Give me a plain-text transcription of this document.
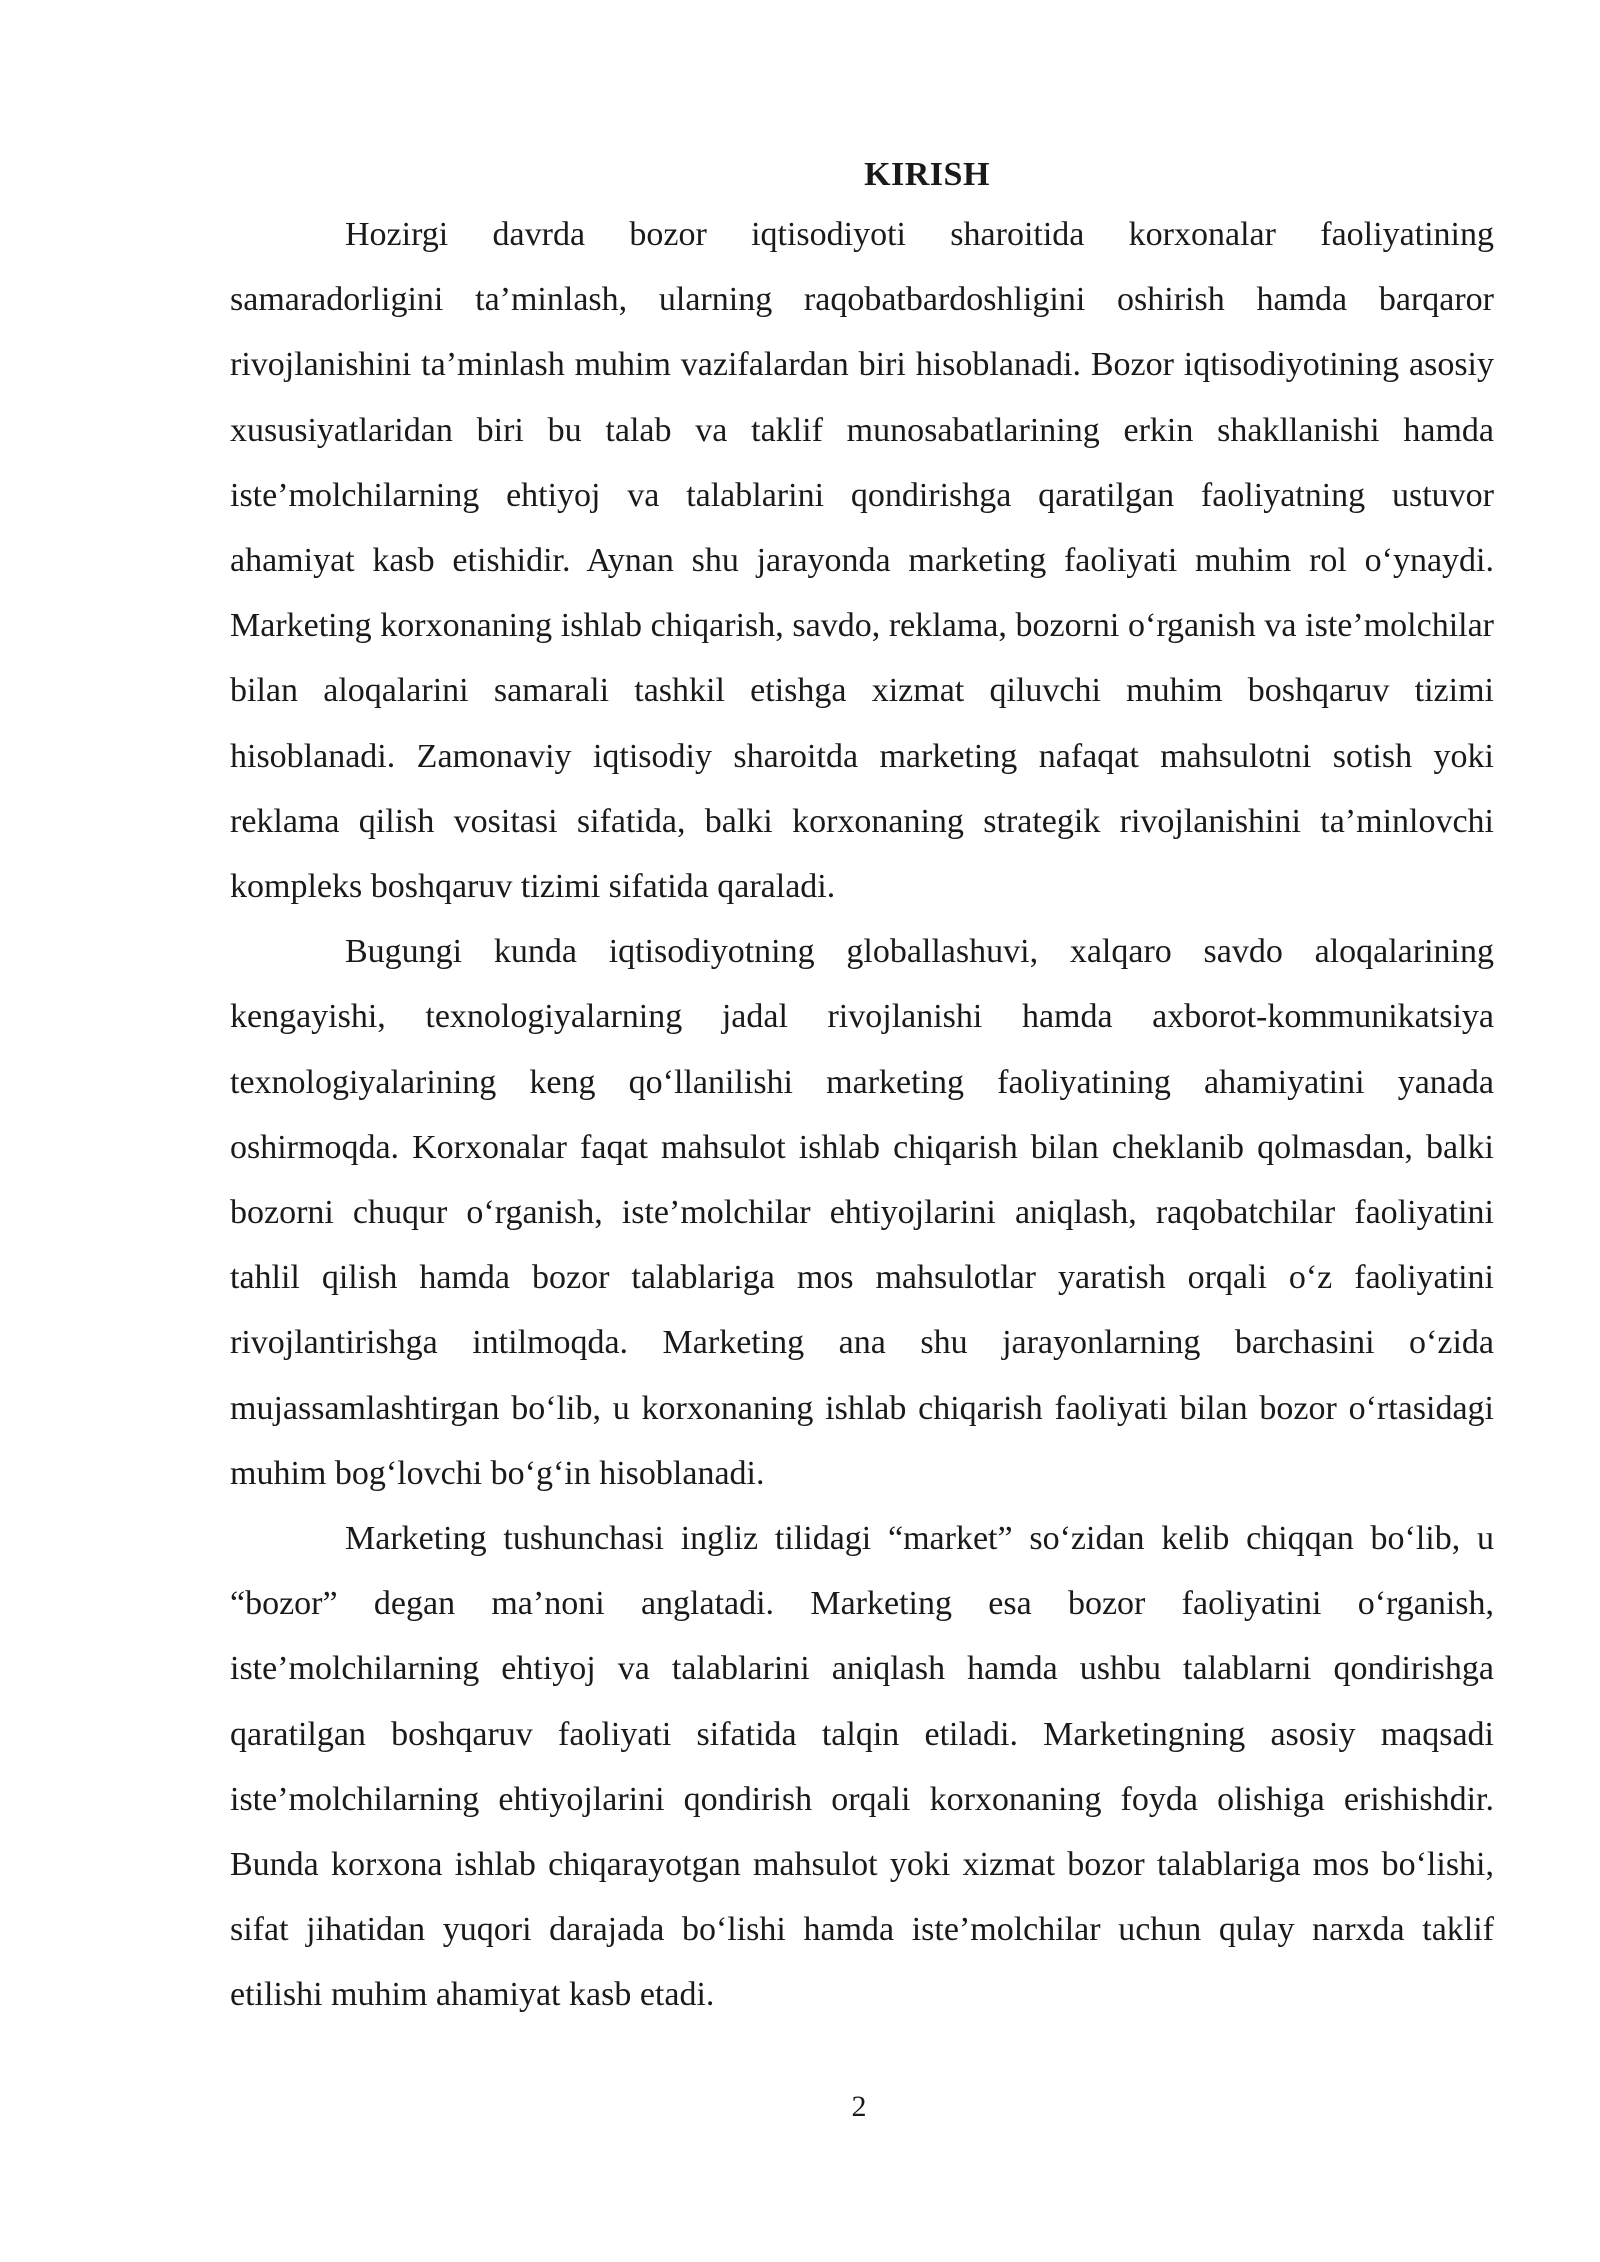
KIRISH

Hozirgi davrda bozor iqtisodiyoti sharoitida korxonalar faoliyatining samaradorligini ta’minlash, ularning raqobatbardoshligini oshirish hamda barqaror rivojlanishini ta’minlash muhim vazifalardan biri hisoblanadi. Bozor iqtisodiyotining asosiy xususiyatlaridan biri bu talab va taklif munosabatlarining erkin shakllanishi hamda iste’molchilarning ehtiyoj va talablarini qondirishga qaratilgan faoliyatning ustuvor ahamiyat kasb etishidir. Aynan shu jarayonda marketing faoliyati muhim rol o‘ynaydi. Marketing korxonaning ishlab chiqarish, savdo, reklama, bozorni o‘rganish va iste’molchilar bilan aloqalarini samarali tashkil etishga xizmat qiluvchi muhim boshqaruv tizimi hisoblanadi. Zamonaviy iqtisodiy sharoitda marketing nafaqat mahsulotni sotish yoki reklama qilish vositasi sifatida, balki korxonaning strategik rivojlanishini ta’minlovchi kompleks boshqaruv tizimi sifatida qaraladi.

Bugungi kunda iqtisodiyotning globallashuvi, xalqaro savdo aloqalarining kengayishi, texnologiyalarning jadal rivojlanishi hamda axborot-kommunikatsiya texnologiyalarining keng qo‘llanilishi marketing faoliyatining ahamiyatini yanada oshirmoqda. Korxonalar faqat mahsulot ishlab chiqarish bilan cheklanib qolmasdan, balki bozorni chuqur o‘rganish, iste’molchilar ehtiyojlarini aniqlash, raqobatchilar faoliyatini tahlil qilish hamda bozor talablariga mos mahsulotlar yaratish orqali o‘z faoliyatini rivojlantirishga intilmoqda. Marketing ana shu jarayonlarning barchasini o‘zida mujassamlashtirgan bo‘lib, u korxonaning ishlab chiqarish faoliyati bilan bozor o‘rtasidagi muhim bog‘lovchi bo‘g‘in hisoblanadi.

Marketing tushunchasi ingliz tilidagi “market” so‘zidan kelib chiqqan bo‘lib, u “bozor” degan ma’noni anglatadi. Marketing esa bozor faoliyatini o‘rganish, iste’molchilarning ehtiyoj va talablarini aniqlash hamda ushbu talablarni qondirishga qaratilgan boshqaruv faoliyati sifatida talqin etiladi. Marketingning asosiy maqsadi iste’molchilarning ehtiyojlarini qondirish orqali korxonaning foyda olishiga erishishdir. Bunda korxona ishlab chiqarayotgan mahsulot yoki xizmat bozor talablariga mos bo‘lishi, sifat jihatidan yuqori darajada bo‘lishi hamda iste’molchilar uchun qulay narxda taklif etilishi muhim ahamiyat kasb etadi.

2
